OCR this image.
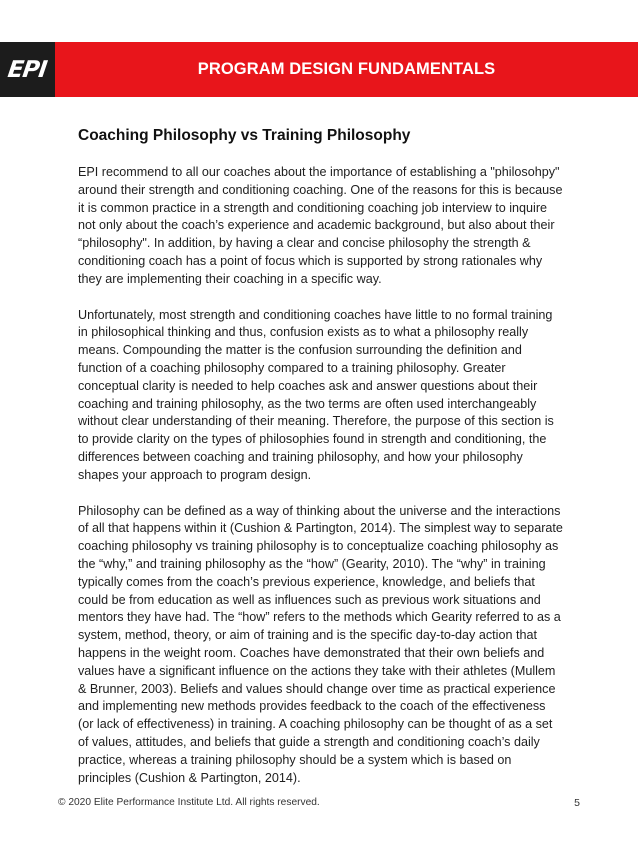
EPI	PROGRAM DESIGN FUNDAMENTALS
Coaching Philosophy vs Training Philosophy

EPI recommend to all our coaches about the importance of establishing a "philosohpy" around their strength and conditioning coaching. One of the reasons for this is because it is common practice in a strength and conditioning coaching job interview to inquire not only about the coach’s experience and academic background, but also about their “philosophy". In addition, by having a clear and concise philosophy the strength & conditioning coach has a point of focus which is supported by strong rationales why they are implementing their coaching in a specific way.

Unfortunately, most strength and conditioning coaches have little to no formal training in philosophical thinking and thus, confusion exists as to what a philosophy really means. Compounding the matter is the confusion surrounding the definition and function of a coaching philosophy compared to a training philosophy. Greater conceptual clarity is needed to help coaches ask and answer questions about their coaching and training philosophy, as the two terms are often used interchangeably without clear understanding of their meaning. Therefore, the purpose of this section is to provide clarity on the types of philosophies found in strength and conditioning, the differences between coaching and training philosophy, and how your philosophy shapes your approach to program design.

Philosophy can be defined as a way of thinking about the universe and the interactions of all that happens within it (Cushion & Partington, 2014). The simplest way to separate coaching philosophy vs training philosophy is to conceptualize coaching philosophy as the “why,” and training philosophy as the “how” (Gearity, 2010). The “why” in training typically comes from the coach’s previous experience, knowledge, and beliefs that could be from education as well as influences such as previous work situations and mentors they have had. The “how” refers to the methods which Gearity referred to as a system, method, theory, or aim of training and is the specific day-to-day action that happens in the weight room. Coaches have demonstrated that their own beliefs and values have a significant influence on the actions they take with their athletes (Mullem & Brunner, 2003). Beliefs and values should change over time as practical experience and implementing new methods provides feedback to the coach of the effectiveness (or lack of effectiveness) in training. A coaching philosophy can be thought of as a set of values, attitudes, and beliefs that guide a strength and conditioning coach’s daily practice, whereas a training philosophy should be a system which is based on principles (Cushion & Partington, 2014).

© 2020 Elite Performance Institute Ltd. All rights reserved.	5
